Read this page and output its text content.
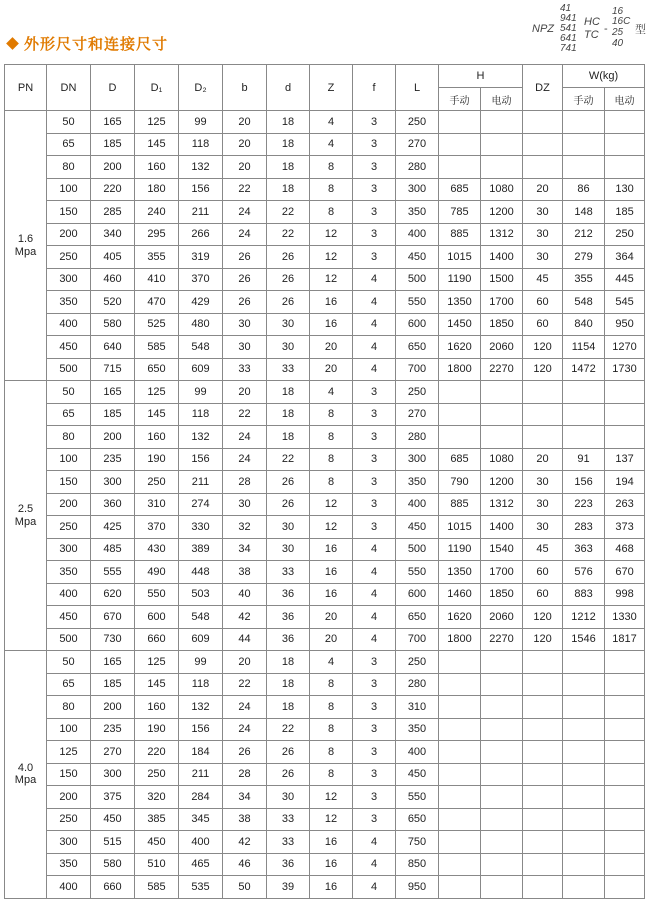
外形尺寸和连接尺寸
41
941
541
641
741
NPZ
HC
TC -
16
16C
25
40
型
PN	DN	D	D₁	D₂	b	d	Z	f	L	H		DZ	W(kg)	
										手动	电动		手动	电动

1.6
Mpa	50	165	125	99	20	18	4	3	250					
	65	185	145	118	20	18	4	3	270					
	80	200	160	132	20	18	8	3	280					
	100	220	180	156	22	18	8	3	300	685	1080	20	86	130
	150	285	240	211	24	22	8	3	350	785	1200	30	148	185
	200	340	295	266	24	22	12	3	400	885	1312	30	212	250
	250	405	355	319	26	26	12	3	450	1015	1400	30	279	364
	300	460	410	370	26	26	12	4	500	1190	1500	45	355	445
	350	520	470	429	26	26	16	4	550	1350	1700	60	548	545
	400	580	525	480	30	30	16	4	600	1450	1850	60	840	950
	450	640	585	548	30	30	20	4	650	1620	2060	120	1154	1270
	500	715	650	609	33	33	20	4	700	1800	2270	120	1472	1730

2.5
Mpa	50	165	125	99	20	18	4	3	250					
	65	185	145	118	22	18	8	3	270					
	80	200	160	132	24	18	8	3	280					
	100	235	190	156	24	22	8	3	300	685	1080	20	91	137
	150	300	250	211	28	26	8	3	350	790	1200	30	156	194
	200	360	310	274	30	26	12	3	400	885	1312	30	223	263
	250	425	370	330	32	30	12	3	450	1015	1400	30	283	373
	300	485	430	389	34	30	16	4	500	1190	1540	45	363	468
	350	555	490	448	38	33	16	4	550	1350	1700	60	576	670
	400	620	550	503	40	36	16	4	600	1460	1850	60	883	998
	450	670	600	548	42	36	20	4	650	1620	2060	120	1212	1330
	500	730	660	609	44	36	20	4	700	1800	2270	120	1546	1817

4.0
Mpa	50	165	125	99	20	18	4	3	250					
	65	185	145	118	22	18	8	3	280					
	80	200	160	132	24	18	8	3	310					
	100	235	190	156	24	22	8	3	350					
	125	270	220	184	26	26	8	3	400					
	150	300	250	211	28	26	8	3	450					
	200	375	320	284	34	30	12	3	550					
	250	450	385	345	38	33	12	3	650					
	300	515	450	400	42	33	16	4	750					
	350	580	510	465	46	36	16	4	850					
	400	660	585	535	50	39	16	4	950					
